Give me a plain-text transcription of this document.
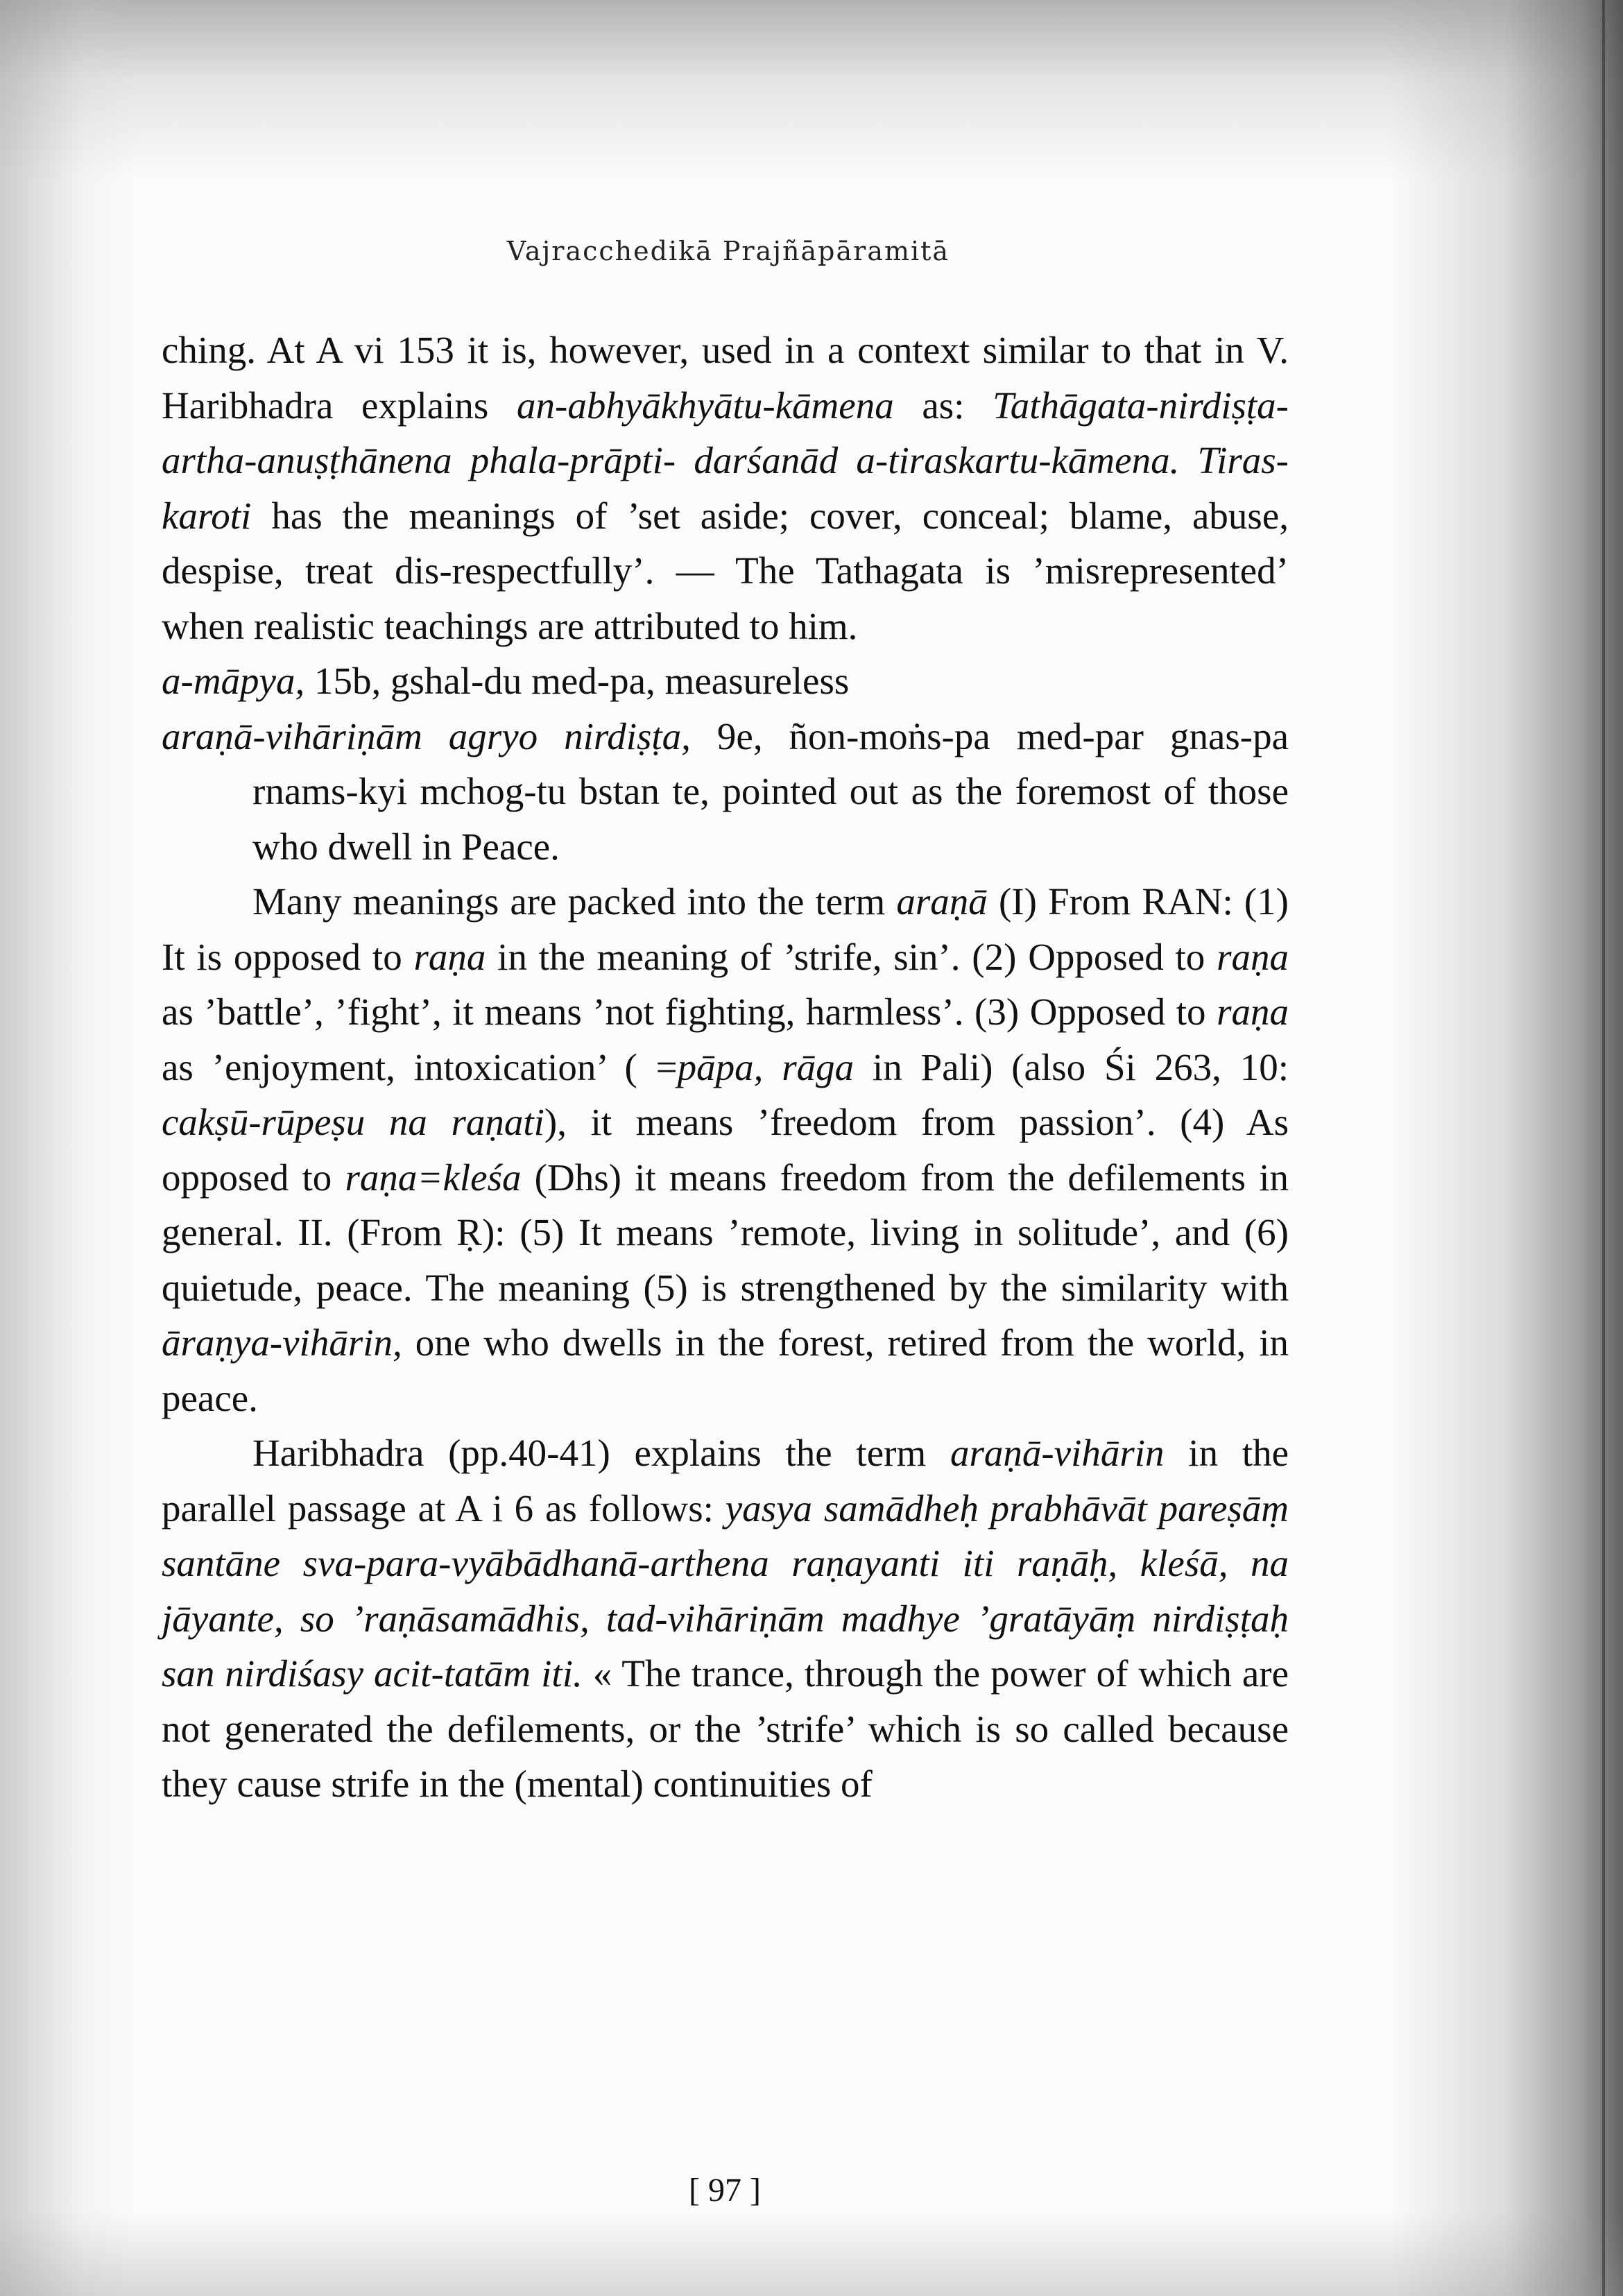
Vajracchedikā Prajñāpāramitā

ching. At A vi 153 it is, however, used in a context similar to that in V. Haribhadra explains an-abhyākhyātu-kāmena as: Tathāgata-nirdiṣṭa-artha-anuṣṭhānena phala-prāpti- darśanād a-tiraskartu-kāmena. Tiras-karoti has the meanings of ’set aside; cover, conceal; blame, abuse, despise, treat dis-respectfully’. — The Tathagata is ’misrepresented’ when realistic teachings are attributed to him.

a-māpya, 15b, gshal-du med-pa, measureless

araṇā-vihāriṇām agryo nirdiṣṭa, 9e, ñon-moṅs-pa med-par gnas-pa rnams-kyi mchog-tu bstan te, pointed out as the foremost of those who dwell in Peace.

Many meanings are packed into the term araṇā (I) From RAN: (1) It is opposed to raṇa in the meaning of ’strife, sin’. (2) Opposed to raṇa as ’battle’, ’fight’, it means ’not fighting, harmless’. (3) Opposed to raṇa as ’enjoyment, intoxication’ ( =pāpa, rāga in Pali) (also Śi 263, 10: cakṣū-rūpeṣu na raṇati), it means ’freedom from passion’. (4) As opposed to raṇa=kleśa (Dhs) it means freedom from the defilements in general. II. (From Ṛ): (5) It means ’remote, living in solitude’, and (6) quietude, peace. The meaning (5) is strengthened by the similarity with āraṇya-vihārin, one who dwells in the forest, retired from the world, in peace.

Haribhadra (pp.40-41) explains the term araṇā-vihārin in the parallel passage at A i 6 as follows: yasya samādheḥ prabhāvāt pareṣāṃ santāne sva-para-vyābādhanā-arthena raṇayanti iti raṇāḥ, kleśā, na jāyante, so ’raṇāsamādhis, tad-vihāriṇām madhye ’gratāyāṃ nirdiṣṭaḥ san nirdiśasy acit-tatām iti. « The trance, through the power of which are not generated the defilements, or the ’strife’ which is so called because they cause strife in the (mental) continuities of

[ 97 ]
